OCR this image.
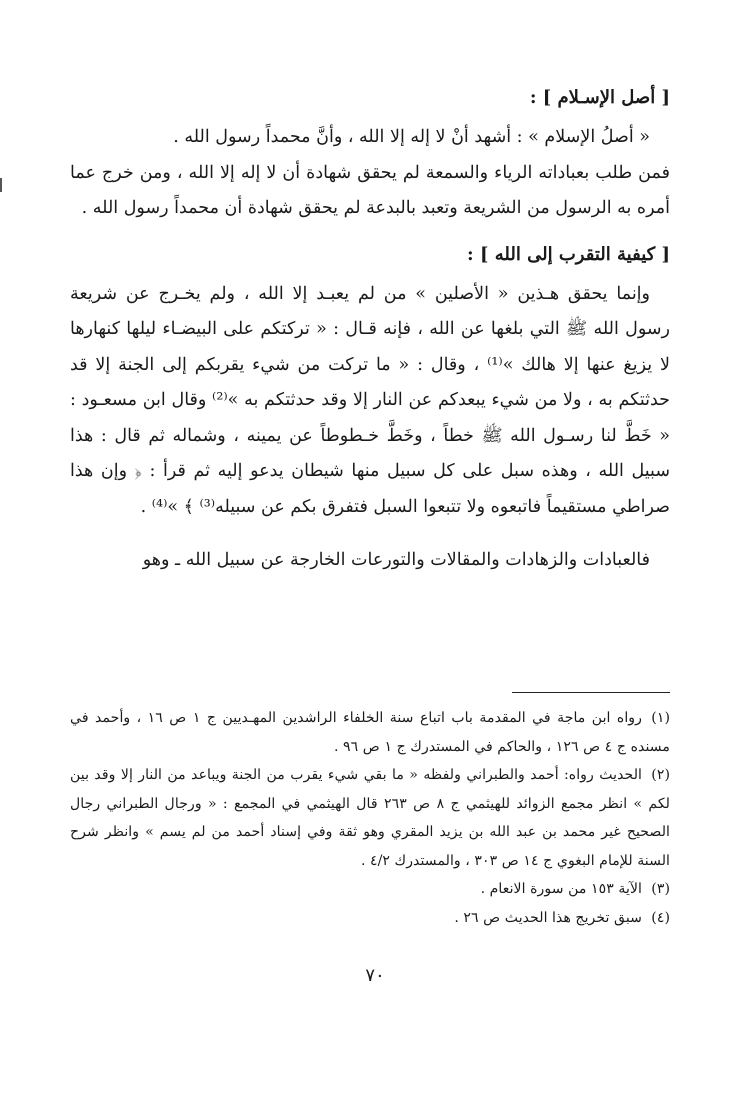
[ أصل الإسـلام ] :

« أصلُ الإسلام » : أشهد أنْ لا إله إلا الله ، وأنَّ محمداً رسول الله .

فمن طلب بعباداته الرياء والسمعة لم يحقق شهادة أن لا إله إلا الله ، ومن خرج عما أمره به الرسول من الشريعة وتعبد بالبدعة لم يحقق شهادة أن محمداً رسول الله .

[ كيفية التقرب إلى الله ] :

وإنما يحقق هـذين « الأصلين » من لم يعبـد إلا الله ، ولم يخـرج عن شريعة رسول الله ﷺ التي بلغها عن الله ، فإنه قـال : « تركتكم على البيضـاء ليلها كنهارها لا يزيغ عنها إلا هالك »⁽¹⁾ ، وقال : « ما تركت من شيء يقربكم إلى الجنة إلا قد حدثتكم به ، ولا من شيء يبعدكم عن النار إلا وقد حدثتكم به »⁽²⁾ وقال ابن مسعـود : « خَطَّ لنا رسـول الله ﷺ خطاً ، وخَطَّ خـطوطاً عن يمينه ، وشماله ثم قال : هذا سبيل الله ، وهذه سبل على كل سبيل منها شيطان يدعو إليه ثم قرأ : ﴿ وإن هذا صراطي مستقيماً فاتبعوه ولا تتبعوا السبل فتفرق بكم عن سبيله⁽³⁾ ﴾ »⁽⁴⁾ .

فالعبادات والزهادات والمقالات والتورعات الخارجة عن سبيل الله ـ وهو

(١)رواه ابن ماجة في المقدمة باب اتباع سنة الخلفاء الراشدين المهـديين ج ١ ص ١٦ ، وأحمد في مسنده ج ٤ ص ١٢٦ ، والحاكم في المستدرك ج ١ ص ٩٦ .

(٢)الحديث رواه: أحمد والطبراني ولفظه « ما بقي شيء يقرب من الجنة ويباعد من النار إلا وقد بين لكم » انظر مجمع الزوائد للهيثمي ج ٨ ص ٢٦٣ قال الهيثمي في المجمع : « ورجال الطبراني رجال الصحيح غير محمد بن عبد الله بن يزيد المقري وهو ثقة وفي إسناد أحمد من لم يسم » وانظر شرح السنة للإمام البغوي ج ١٤ ص ٣٠٣ ، والمستدرك ٤/٢ .

(٣)الآية ١٥٣ من سورة الانعام .

(٤)سبق تخريج هذا الحديث ص ٢٦ .

٧٠
